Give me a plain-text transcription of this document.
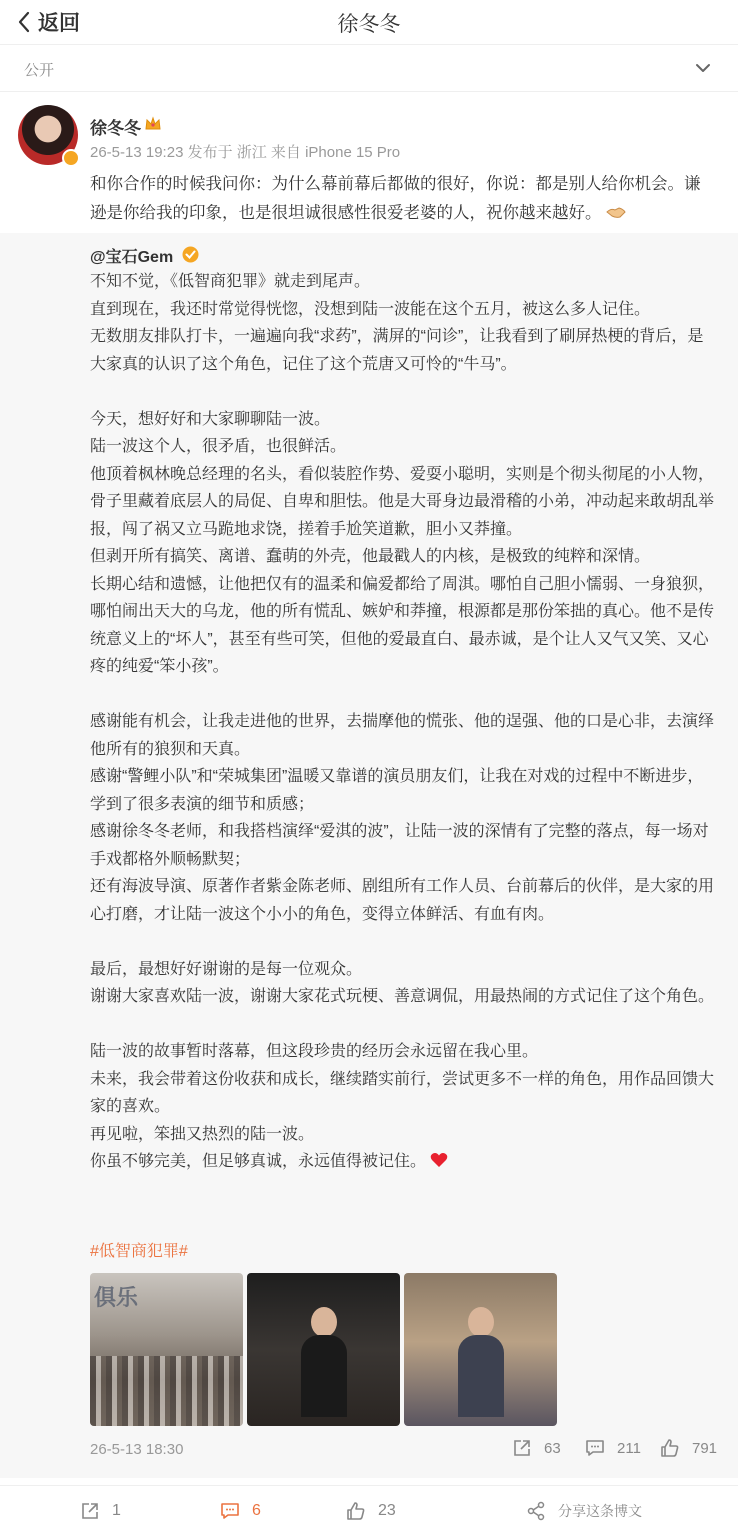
返回	徐冬冬
公开
徐冬冬
26-5-13 19:23 发布于 浙江 来自 iPhone 15 Pro
和你合作的时候我问你：为什么幕前幕后都做的很好，你说：都是别人给你机会。谦逊是你给我的印象，也是很坦诚很感性很爱老婆的人，祝你越来越好。
@宝石Gem
不知不觉，《低智商犯罪》就走到尾声。
直到现在，我还时常觉得恍惚，没想到陆一波能在这个五月，被这么多人记住。
无数朋友排队打卡，一遍遍向我“求药”，满屏的“问诊”，让我看到了刷屏热梗的背后，是大家真的认识了这个角色，记住了这个荒唐又可怜的“牛马”。

今天，想好好和大家聊聊陆一波。
陆一波这个人，很矛盾，也很鲜活。
他顶着枫林晚总经理的名头，看似装腔作势、爱耍小聪明，实则是个彻头彻尾的小人物，骨子里藏着底层人的局促、自卑和胆怯。他是大哥身边最滑稽的小弟，冲动起来敢胡乱举报，闯了祸又立马跪地求饶，搓着手尬笑道歉，胆小又莽撞。
但剥开所有搞笑、离谱、蠢萌的外壳，他最戳人的内核，是极致的纯粹和深情。
长期心结和遗憾，让他把仅有的温柔和偏爱都给了周淇。哪怕自己胆小懦弱、一身狼狈，哪怕闹出天大的乌龙，他的所有慌乱、嫉妒和莽撞，根源都是那份笨拙的真心。他不是传统意义上的“坏人”，甚至有些可笑，但他的爱最直白、最赤诚，是个让人又气又笑、又心疼的纯爱“笨小孩”。

感谢能有机会，让我走进他的世界，去揣摩他的慌张、他的逞强、他的口是心非，去演绎他所有的狼狈和天真。
感谢“警鲤小队”和“荣城集团”温暖又靠谱的演员朋友们，让我在对戏的过程中不断进步，学到了很多表演的细节和质感；
感谢徐冬冬老师，和我搭档演绎“爱淇的波”，让陆一波的深情有了完整的落点，每一场对手戏都格外顺畅默契；
还有海波导演、原著作者紫金陈老师、剧组所有工作人员、台前幕后的伙伴，是大家的用心打磨，才让陆一波这个小小的角色，变得立体鲜活、有血有肉。

最后，最想好好谢谢的是每一位观众。
谢谢大家喜欢陆一波，谢谢大家花式玩梗、善意调侃，用最热闹的方式记住了这个角色。

陆一波的故事暂时落幕，但这段珍贵的经历会永远留在我心里。
未来，我会带着这份收获和成长，继续踏实前行，尝试更多不一样的角色，用作品回馈大家的喜欢。
再见啦，笨拙又热烈的陆一波。
你虽不够完美，但足够真诚，永远值得被记住。
#低智商犯罪#
俱乐
26-5-13 18:30	63	211	791
1	6	23	分享这条博文
